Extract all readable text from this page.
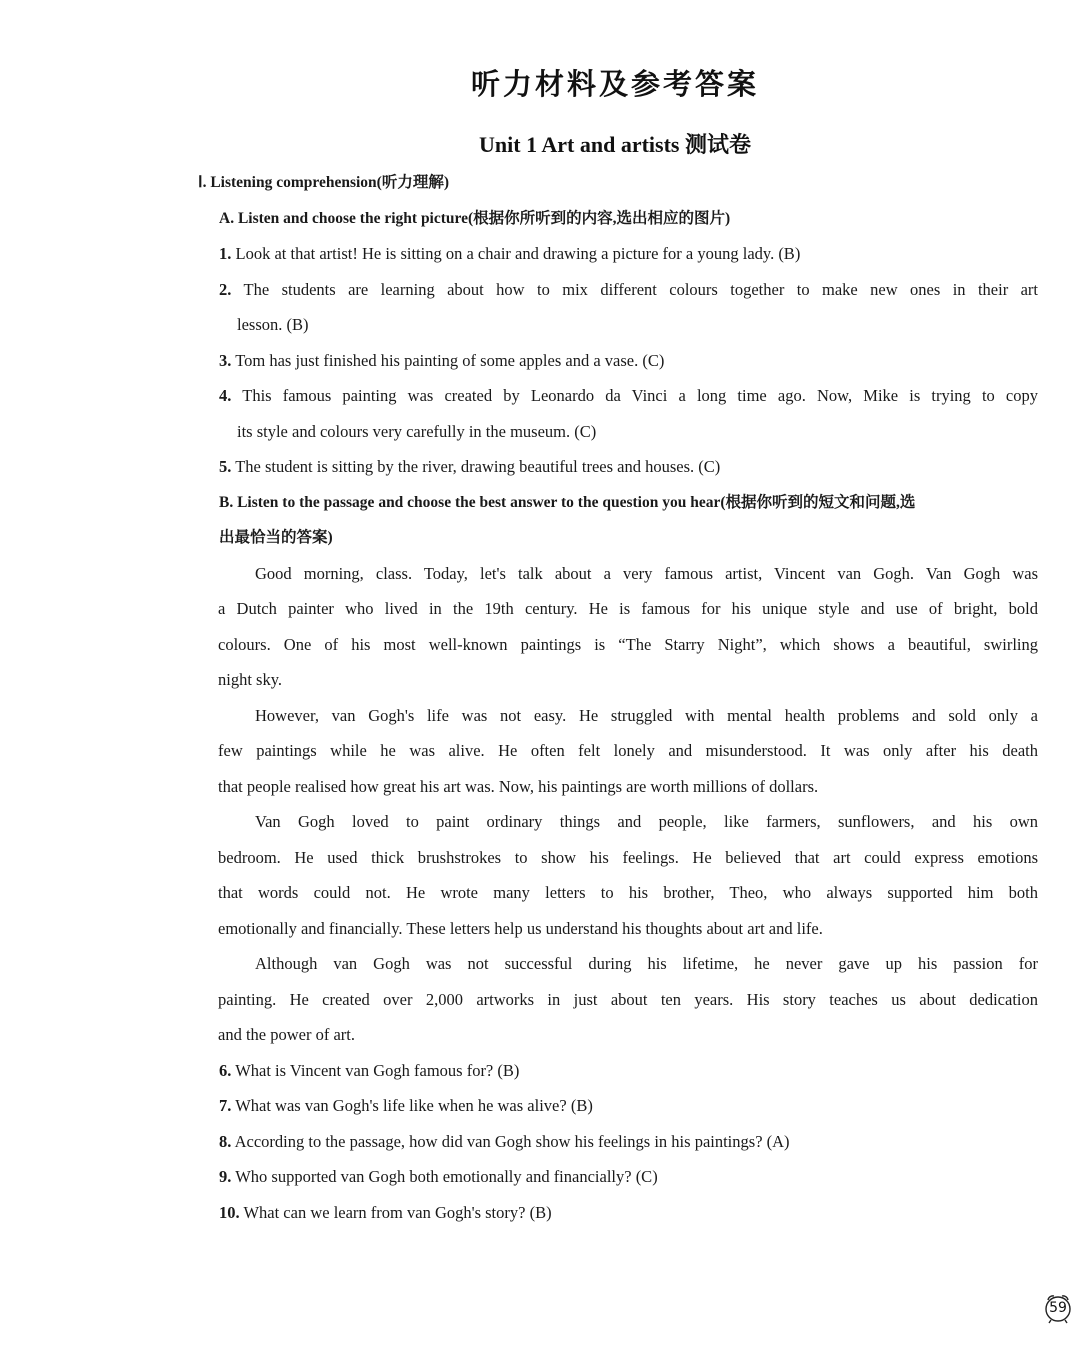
听力材料及参考答案
Unit 1 Art and artists 测试卷
Ⅰ. Listening comprehension(听力理解)
A. Listen and choose the right picture(根据你所听到的内容,选出相应的图片)
1. Look at that artist! He is sitting on a chair and drawing a picture for a young lady. (B)
2. The students are learning about how to mix different colours together to make new ones in their art
lesson. (B)
3. Tom has just finished his painting of some apples and a vase. (C)
4. This famous painting was created by Leonardo da Vinci a long time ago. Now, Mike is trying to copy
its style and colours very carefully in the museum. (C)
5. The student is sitting by the river, drawing beautiful trees and houses. (C)
B. Listen to the passage and choose the best answer to the question you hear(根据你听到的短文和问题,选
出最恰当的答案)
Good morning, class. Today, let's talk about a very famous artist, Vincent van Gogh. Van Gogh was
a Dutch painter who lived in the 19th century. He is famous for his unique style and use of bright, bold
colours. One of his most well-known paintings is “The Starry Night”, which shows a beautiful, swirling
night sky.
However, van Gogh's life was not easy. He struggled with mental health problems and sold only a
few paintings while he was alive. He often felt lonely and misunderstood. It was only after his death
that people realised how great his art was. Now, his paintings are worth millions of dollars.
Van Gogh loved to paint ordinary things and people, like farmers, sunflowers, and his own
bedroom. He used thick brushstrokes to show his feelings. He believed that art could express emotions
that words could not. He wrote many letters to his brother, Theo, who always supported him both
emotionally and financially. These letters help us understand his thoughts about art and life.
Although van Gogh was not successful during his lifetime, he never gave up his passion for
painting. He created over 2,000 artworks in just about ten years. His story teaches us about dedication
and the power of art.
6. What is Vincent van Gogh famous for? (B)
7. What was van Gogh's life like when he was alive? (B)
8. According to the passage, how did van Gogh show his feelings in his paintings? (A)
9. Who supported van Gogh both emotionally and financially? (C)
10. What can we learn from van Gogh's story? (B)
59
